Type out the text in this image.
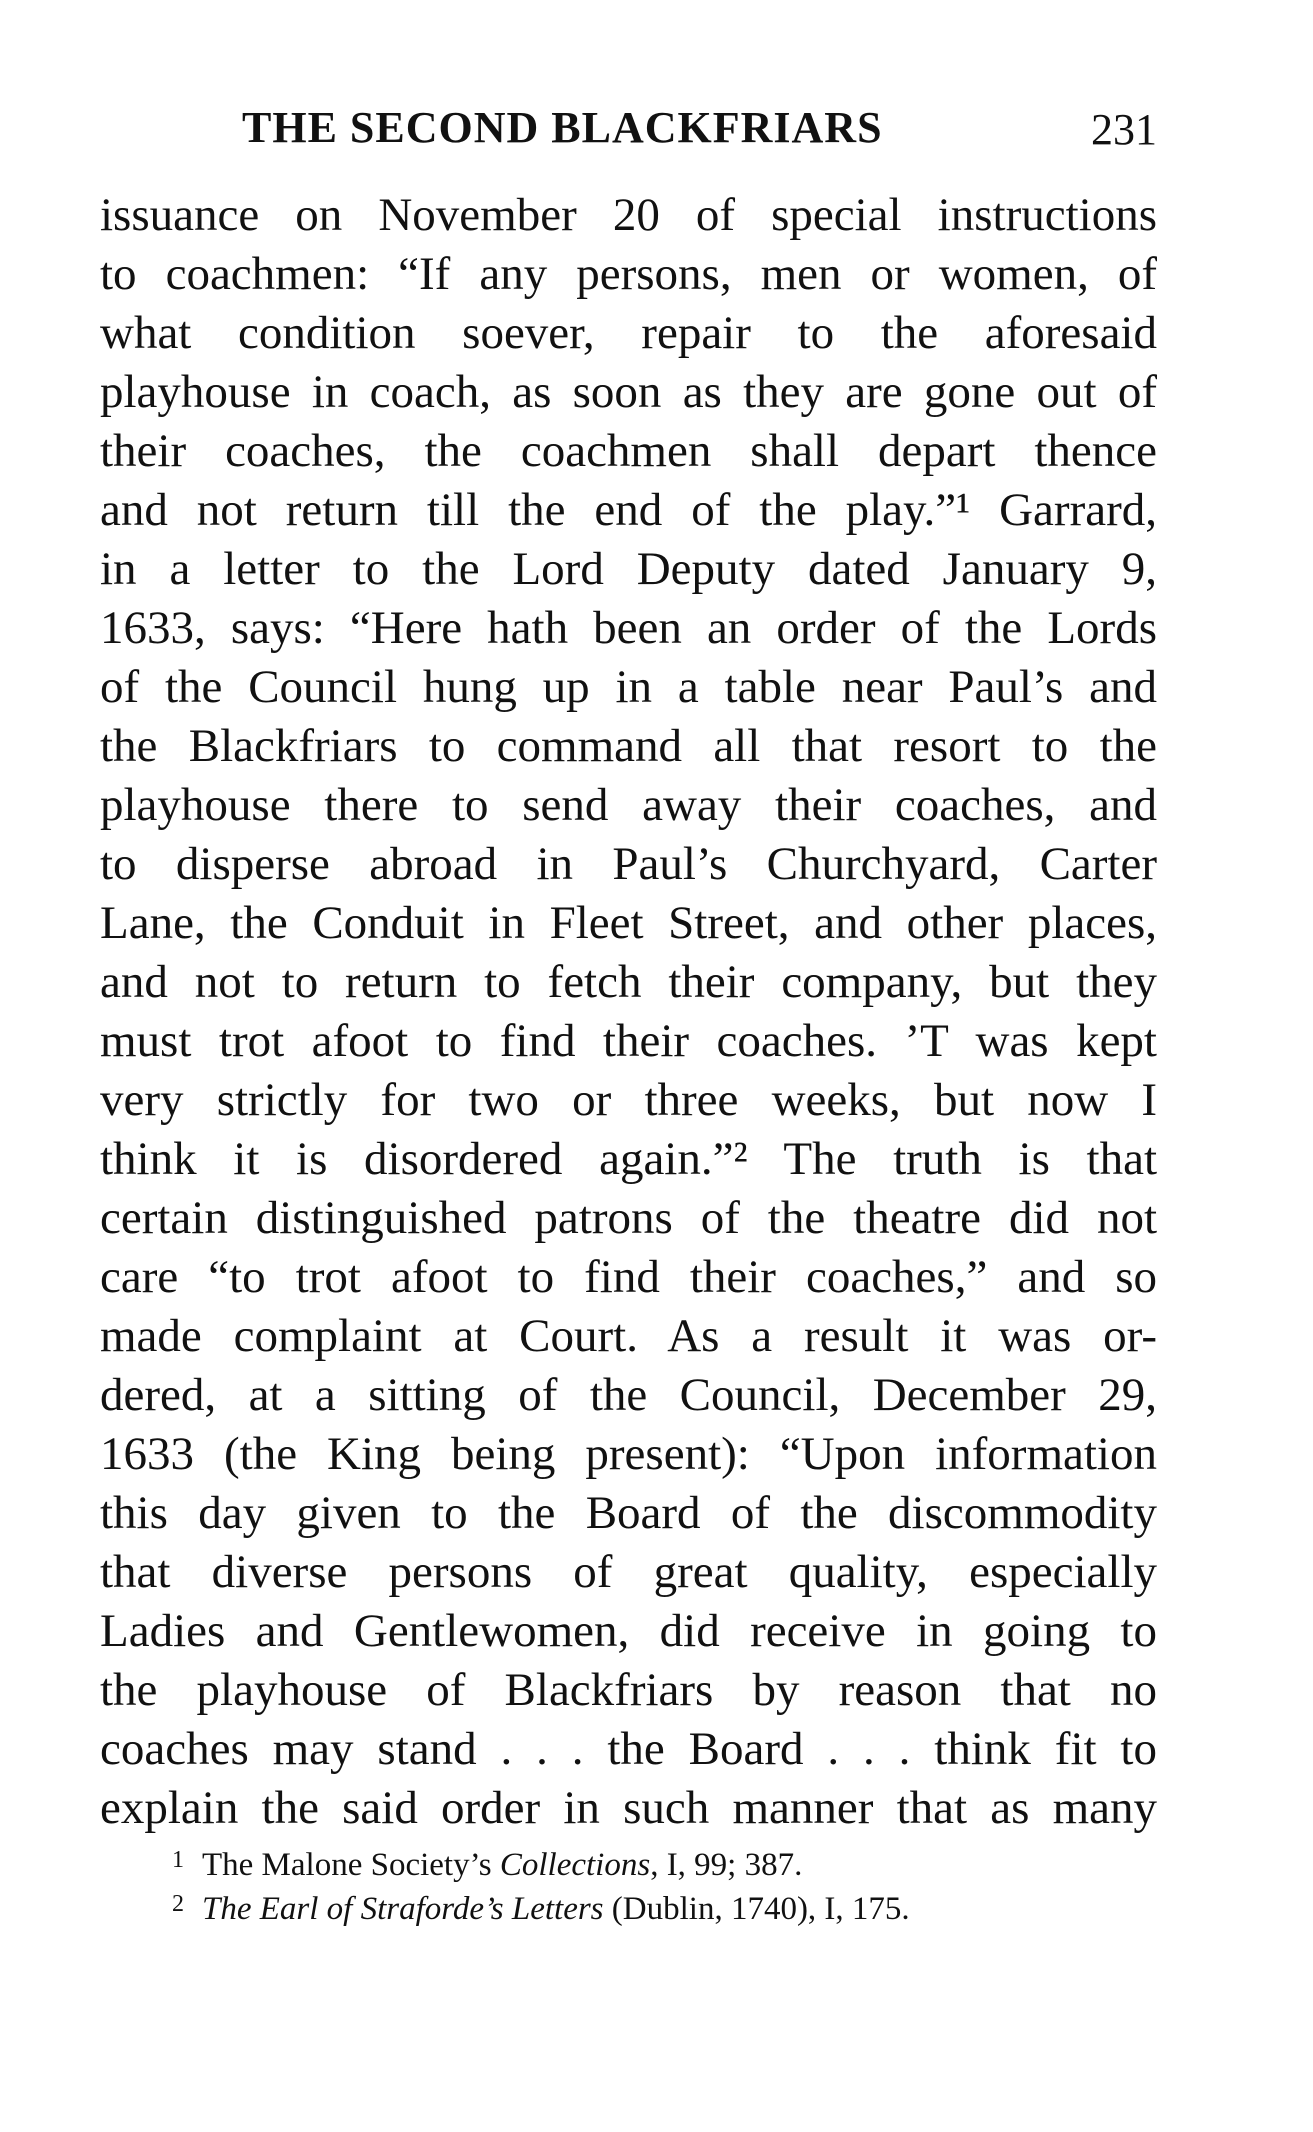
THE SECOND BLACKFRIARS	231
issuance on November 20 of special instructions
to coachmen: “If any persons, men or women, of
what condition soever, repair to the aforesaid
playhouse in coach, as soon as they are gone out of
their coaches, the coachmen shall depart thence
and not return till the end of the play.”¹ Garrard,
in a letter to the Lord Deputy dated January 9,
1633, says: “Here hath been an order of the Lords
of the Council hung up in a table near Paul’s and
the Blackfriars to command all that resort to the
playhouse there to send away their coaches, and
to disperse abroad in Paul’s Churchyard, Carter
Lane, the Conduit in Fleet Street, and other places,
and not to return to fetch their company, but they
must trot afoot to find their coaches. ’T was kept
very strictly for two or three weeks, but now I
think it is disordered again.”² The truth is that
certain distinguished patrons of the theatre did not
care “to trot afoot to find their coaches,” and so
made complaint at Court. As a result it was or-
dered, at a sitting of the Council, December 29,
1633 (the King being present): “Upon information
this day given to the Board of the discommodity
that diverse persons of great quality, especially
Ladies and Gentlewomen, did receive in going to
the playhouse of Blackfriars by reason that no
coaches may stand . . . the Board . . . think fit to
explain the said order in such manner that as many
1 The Malone Society’s Collections, I, 99; 387.
2 The Earl of Straforde’s Letters (Dublin, 1740), I, 175.
